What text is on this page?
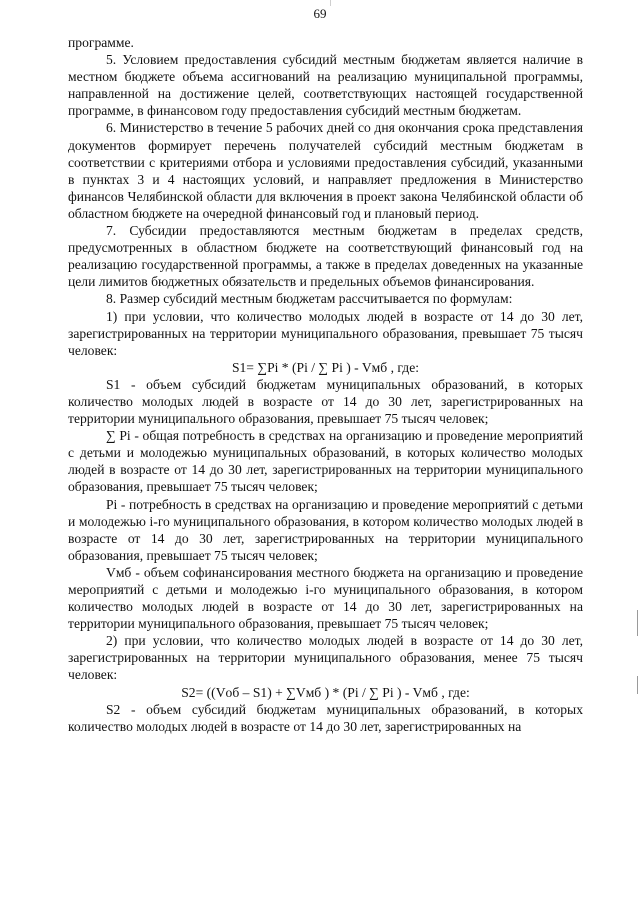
69

программе.

5. Условием предоставления субсидий местным бюджетам является наличие в местном бюджете объема ассигнований на реализацию муниципальной программы, направленной на достижение целей, соответствующих настоящей государственной программе, в финансовом году предоставления субсидий местным бюджетам.

6. Министерство в течение 5 рабочих дней со дня окончания срока представления документов формирует перечень получателей субсидий местным бюджетам в соответствии с критериями отбора и условиями предоставления субсидий, указанными в пунктах 3 и 4 настоящих условий, и направляет предложения в Министерство финансов Челябинской области для включения в проект закона Челябинской области об областном бюджете на очередной финансовый год и плановый период.

7. Субсидии предоставляются местным бюджетам в пределах средств, предусмотренных в областном бюджете на соответствующий финансовый год на реализацию государственной программы, а также в пределах доведенных на указанные цели лимитов бюджетных обязательств и предельных объемов финансирования.

8. Размер субсидий местным бюджетам рассчитывается по формулам:

1) при условии, что количество молодых людей в возрасте от 14 до 30 лет, зарегистрированных на территории муниципального образования, превышает 75 тысяч человек:

S1= ∑Pi * (Pi / ∑ Pi ) - Vмб , где:

S1 - объем субсидий бюджетам муниципальных образований, в которых количество молодых людей в возрасте от 14 до 30 лет, зарегистрированных на территории муниципального образования, превышает 75 тысяч человек;

∑ Pi - общая потребность в средствах на организацию и проведение мероприятий с детьми и молодежью муниципальных образований, в которых количество молодых людей в возрасте от 14 до 30 лет, зарегистрированных на территории муниципального образования, превышает 75 тысяч человек;

Pi - потребность в средствах на организацию и проведение мероприятий с детьми и молодежью i-го муниципального образования, в котором количество молодых людей в возрасте от 14 до 30 лет, зарегистрированных на территории муниципального образования, превышает 75 тысяч человек;

Vмб - объем софинансирования местного бюджета на организацию и проведение мероприятий с детьми и молодежью i-го муниципального образования, в котором количество молодых людей в возрасте от 14 до 30 лет, зарегистрированных на территории муниципального образования, превышает 75 тысяч человек;

2) при условии, что количество молодых людей в возрасте от 14 до 30 лет, зарегистрированных на территории муниципального образования, менее 75 тысяч человек:

S2= ((Vоб – S1) + ∑Vмб ) * (Pi / ∑ Pi ) - Vмб , где:

S2 - объем субсидий бюджетам муниципальных образований, в которых количество молодых людей в возрасте от 14 до 30 лет, зарегистрированных на
